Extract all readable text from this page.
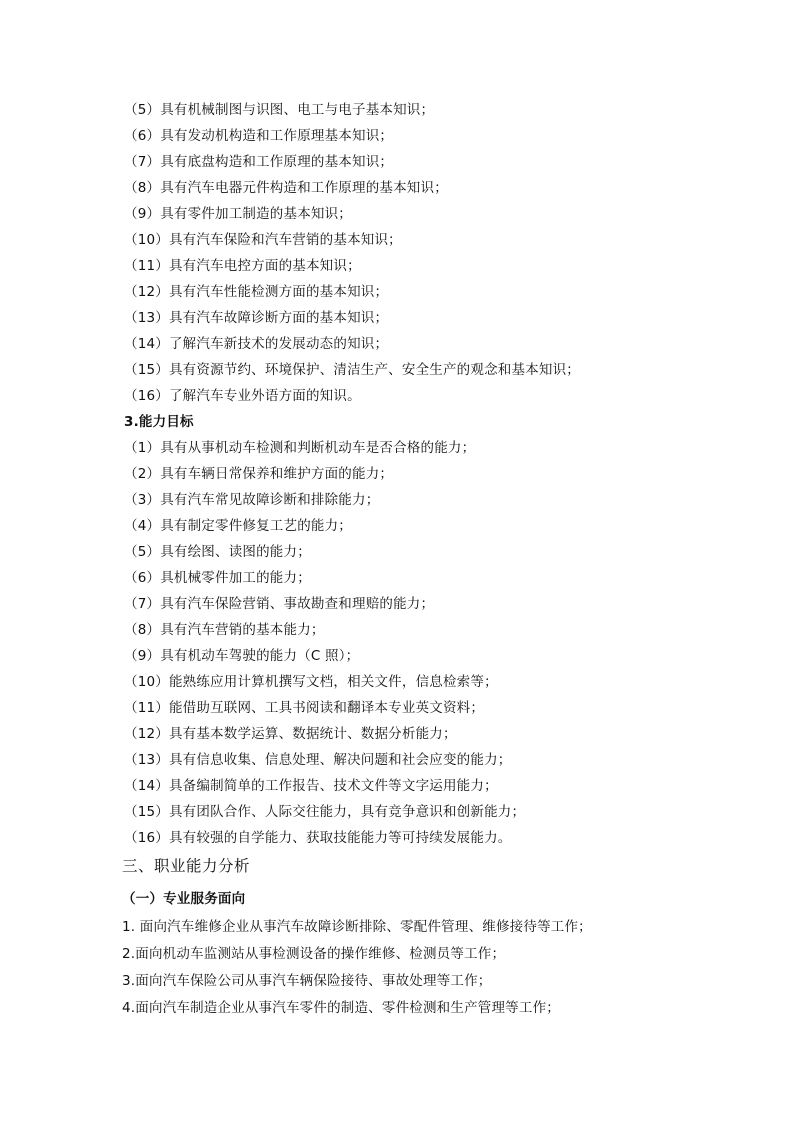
（5）具有机械制图与识图、电工与电子基本知识；
（6）具有发动机构造和工作原理基本知识；
（7）具有底盘构造和工作原理的基本知识；
（8）具有汽车电器元件构造和工作原理的基本知识；
（9）具有零件加工制造的基本知识；
（10）具有汽车保险和汽车营销的基本知识；
（11）具有汽车电控方面的基本知识；
（12）具有汽车性能检测方面的基本知识；
（13）具有汽车故障诊断方面的基本知识；
（14）了解汽车新技术的发展动态的知识；
（15）具有资源节约、环境保护、清洁生产、安全生产的观念和基本知识；
（16）了解汽车专业外语方面的知识。
3.能力目标
（1）具有从事机动车检测和判断机动车是否合格的能力；
（2）具有车辆日常保养和维护方面的能力；
（3）具有汽车常见故障诊断和排除能力；
（4）具有制定零件修复工艺的能力；
（5）具有绘图、读图的能力；
（6）具机械零件加工的能力；
（7）具有汽车保险营销、事故勘查和理赔的能力；
（8）具有汽车营销的基本能力；
（9）具有机动车驾驶的能力（C 照）；
（10）能熟练应用计算机撰写文档，相关文件，信息检索等；
（11）能借助互联网、工具书阅读和翻译本专业英文资料；
（12）具有基本数学运算、数据统计、数据分析能力；
（13）具有信息收集、信息处理、解决问题和社会应变的能力；
（14）具备编制简单的工作报告、技术文件等文字运用能力；
（15）具有团队合作、人际交往能力，具有竞争意识和创新能力；
（16）具有较强的自学能力、获取技能能力等可持续发展能力。
三、职业能力分析
（一）专业服务面向
1. 面向汽车维修企业从事汽车故障诊断排除、零配件管理、维修接待等工作；
2.面向机动车监测站从事检测设备的操作维修、检测员等工作；
3.面向汽车保险公司从事汽车辆保险接待、事故处理等工作；
4.面向汽车制造企业从事汽车零件的制造、零件检测和生产管理等工作；
